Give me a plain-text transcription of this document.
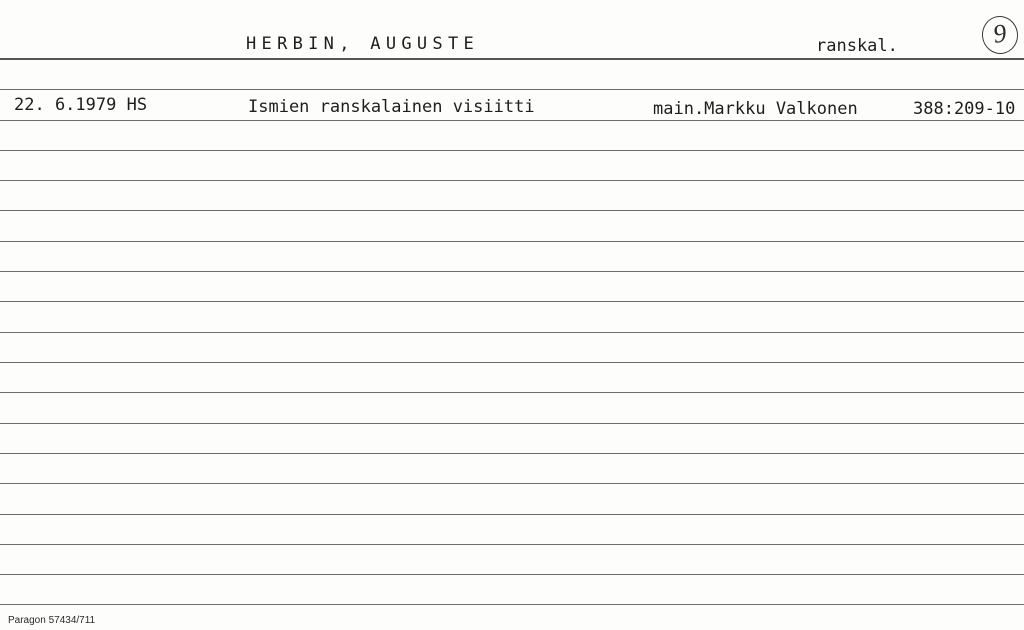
HERBIN, AUGUSTE	ranskal.	9
22. 6.1979 HS	Ismien ranskalainen visiitti	main.Markku Valkonen	388:209-10
Paragon 57434/711
